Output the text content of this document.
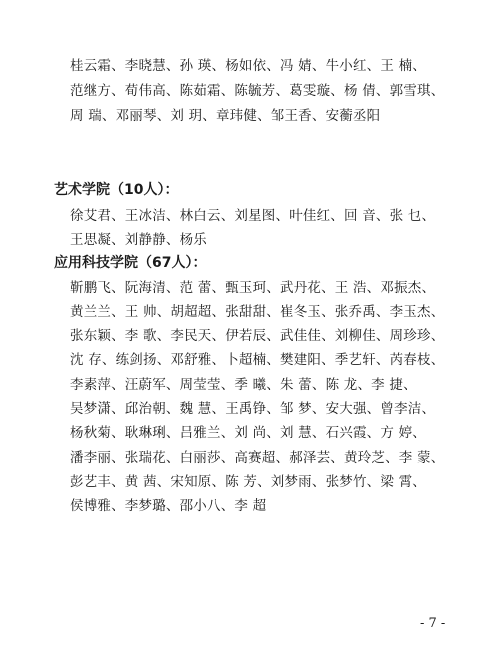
桂云霜、李晓慧、孙 瑛、杨如依、冯 婧、牛小红、王 楠、
范继方、荀伟高、陈茹霜、陈毓芳、葛雯璇、杨 倩、郭雪琪、
周 瑞、邓丽琴、刘 玥、章玮健、邹王香、安蘅丞阳
艺术学院（10人）：
徐艾君、王冰洁、林白云、刘星图、叶佳红、回 音、张 乜、
王思凝、刘静静、杨乐
应用科技学院（67人）：
靳鹏飞、阮海清、范 蕾、甄玉珂、武丹花、王 浩、邓振杰、
黄兰兰、王 帅、胡超超、张甜甜、崔冬玉、张乔禹、李玉杰、
张东颖、李 歌、李民天、伊若辰、武佳佳、刘柳佳、周珍珍、
沈 存、练剑扬、邓舒雅、卜超楠、樊建阳、季艺轩、芮春枝、
李素萍、汪蔚军、周莹莹、季 曦、朱 蕾、陈 龙、李 捷、
吴梦潇、邱治朝、魏 慧、王禹铮、邹 梦、安大强、曾李洁、
杨秋菊、耿琳琍、吕雅兰、刘 尚、刘 慧、石兴霞、方 婷、
潘李丽、张瑞花、白丽莎、高赛超、郝泽芸、黄玲芝、李 蒙、
彭艺丰、黄 茜、宋知原、陈 芳、刘梦雨、张梦竹、梁 霄、
侯博雅、李梦璐、邵小八、李 超
- 7 -
